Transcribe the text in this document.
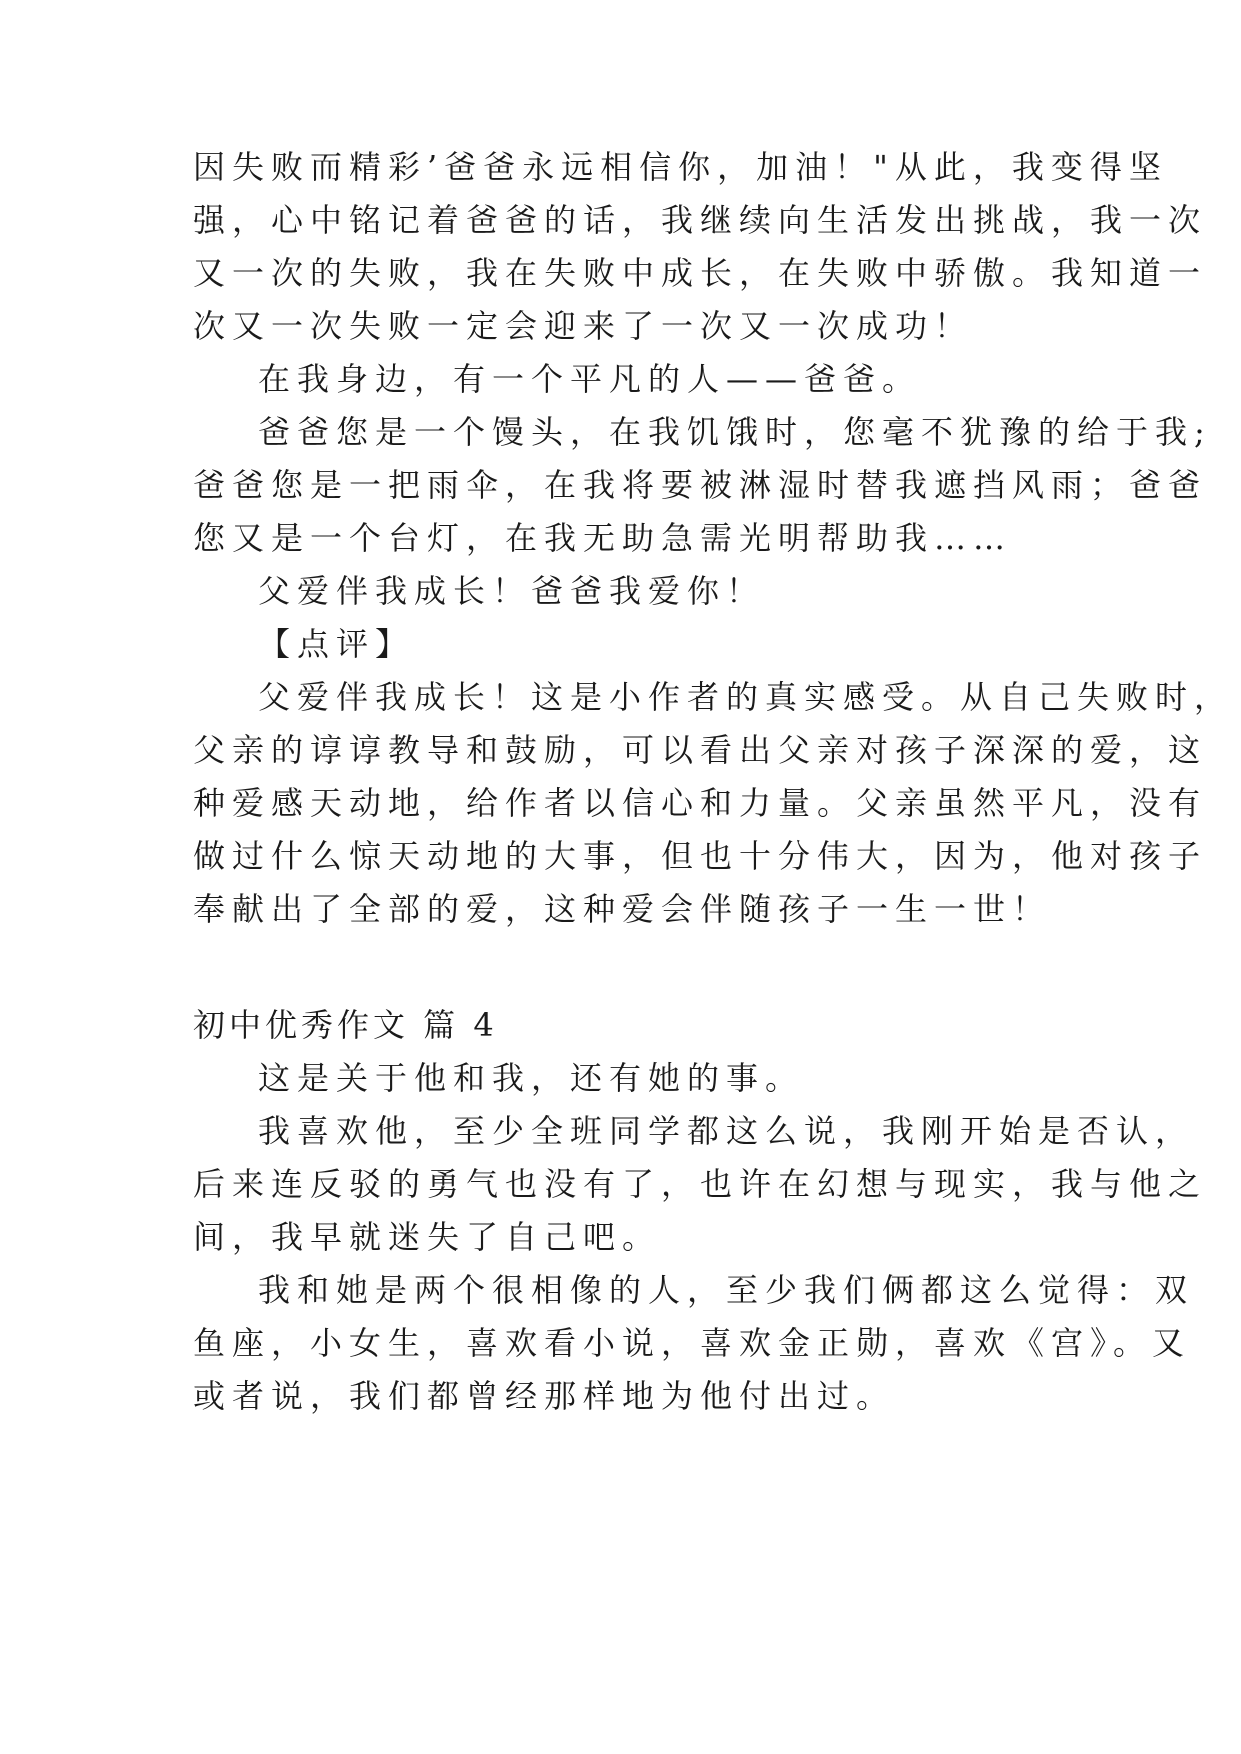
因失败而精彩’爸爸永远相信你，加油！"从此，我变得坚
强，心中铭记着爸爸的话，我继续向生活发出挑战，我一次
又一次的失败，我在失败中成长，在失败中骄傲。我知道一
次又一次失败一定会迎来了一次又一次成功！
在我身边，有一个平凡的人——爸爸。
爸爸您是一个馒头，在我饥饿时，您毫不犹豫的给于我;
爸爸您是一把雨伞，在我将要被淋湿时替我遮挡风雨；爸爸
您又是一个台灯，在我无助急需光明帮助我……
父爱伴我成长！爸爸我爱你！
【点评】
父爱伴我成长！这是小作者的真实感受。从自己失败时，
父亲的谆谆教导和鼓励，可以看出父亲对孩子深深的爱，这
种爱感天动地，给作者以信心和力量。父亲虽然平凡，没有
做过什么惊天动地的大事，但也十分伟大，因为，他对孩子
奉献出了全部的爱，这种爱会伴随孩子一生一世！
初中优秀作文 篇 4
这是关于他和我，还有她的事。
我喜欢他，至少全班同学都这么说，我刚开始是否认，
后来连反驳的勇气也没有了，也许在幻想与现实，我与他之
间，我早就迷失了自己吧。
我和她是两个很相像的人，至少我们俩都这么觉得：双
鱼座，小女生，喜欢看小说，喜欢金正勋，喜欢《宫》。又
或者说，我们都曾经那样地为他付出过。
